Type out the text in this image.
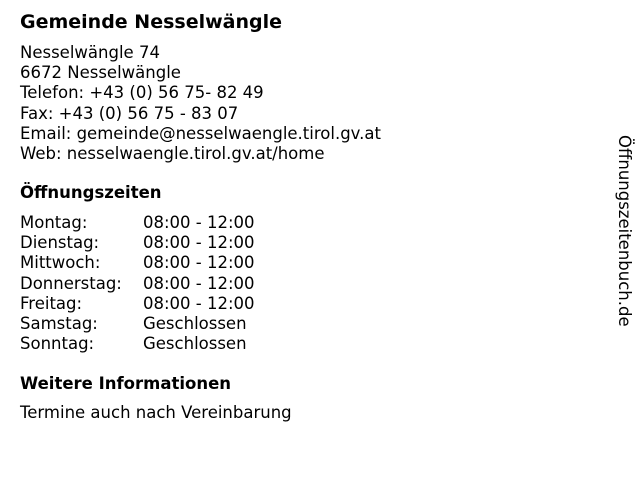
Gemeinde Nesselwängle
Nesselwängle 74
6672 Nesselwängle
Telefon: +43 (0) 56 75- 82 49
Fax: +43 (0) 56 75 - 83 07
Email: gemeinde@nesselwaengle.tirol.gv.at
Web: nesselwaengle.tirol.gv.at/home
Öffnungszeiten
Montag:	08:00 - 12:00
Dienstag:	08:00 - 12:00
Mittwoch:	08:00 - 12:00
Donnerstag: 08:00 - 12:00
Freitag:	08:00 - 12:00
Samstag:	Geschlossen
Sonntag:	Geschlossen
Weitere Informationen
Termine auch nach Vereinbarung
Öffnungszeitenbuch.de
